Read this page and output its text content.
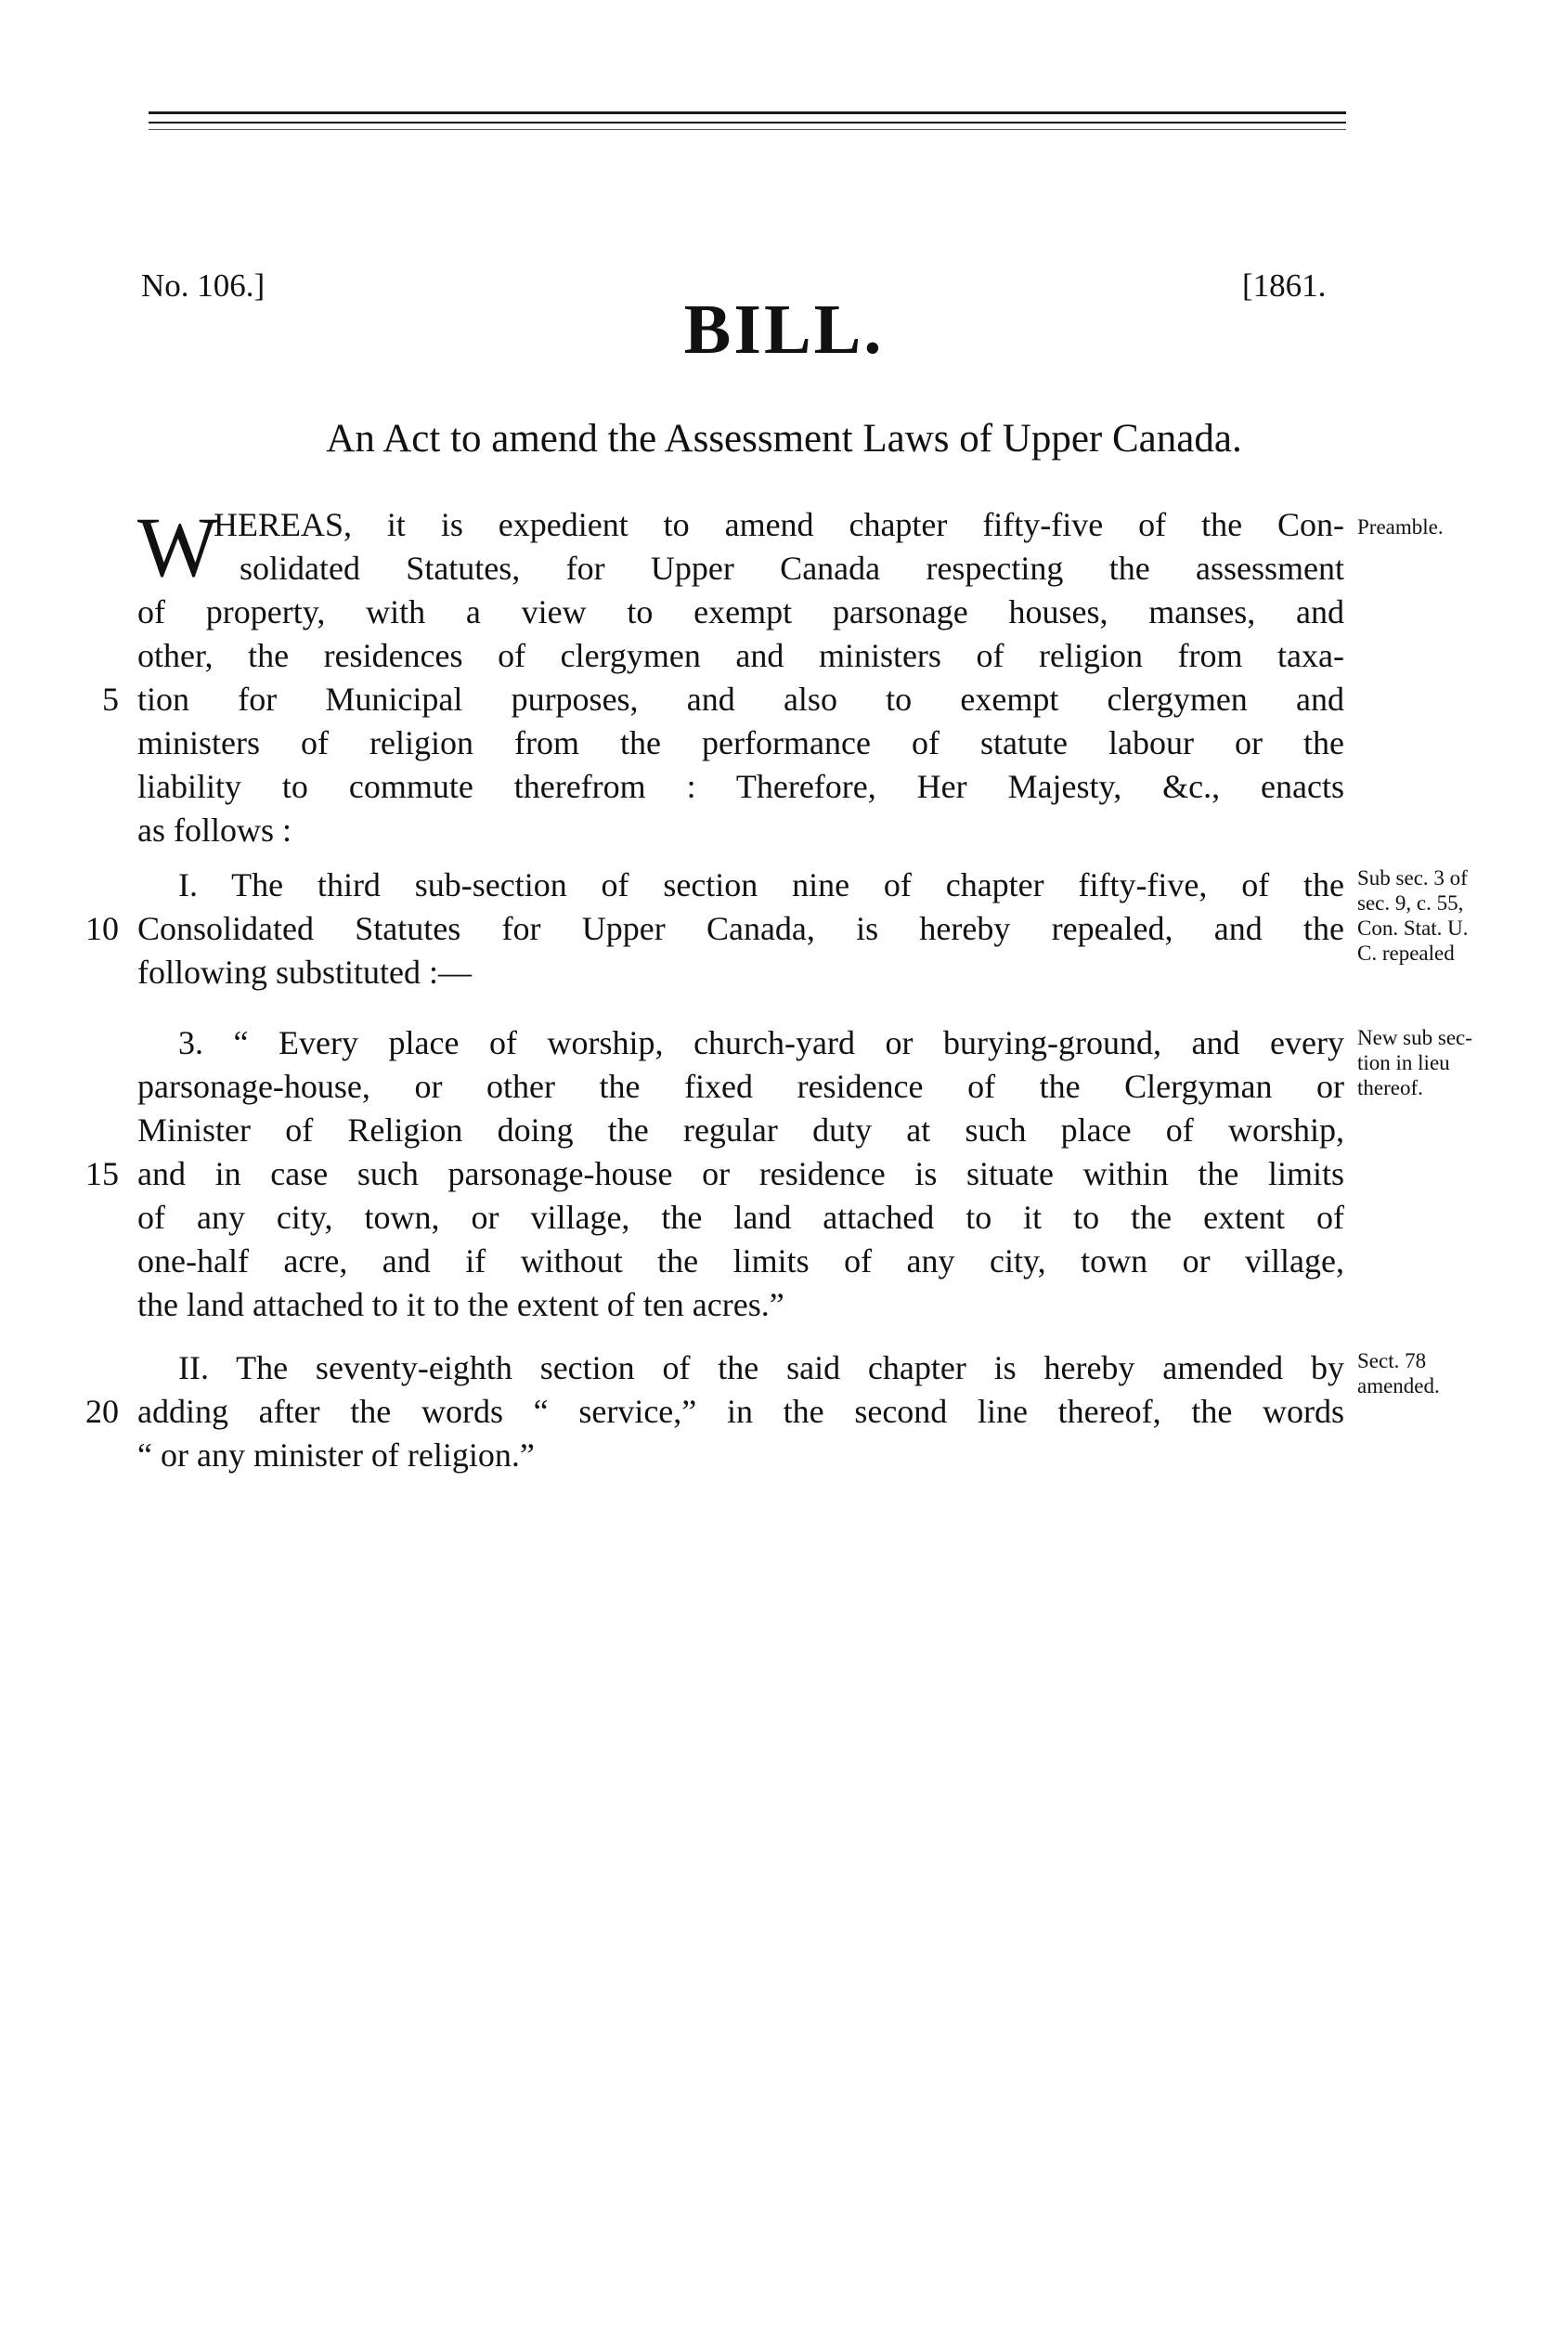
No. 106.]	[1861.
BILL.
An Act to amend the Assessment Laws of Upper Canada.
W
HEREAS, it is expedient to amend chapter fifty-five of the Con-
solidated Statutes, for Upper Canada respecting the assessment
of property, with a view to exempt parsonage houses, manses, and
other, the residences of clergymen and ministers of religion from taxa-
tion for Municipal purposes, and also to exempt clergymen and
ministers of religion from the performance of statute labour or the
liability to commute therefrom : Therefore, Her Majesty, &c., enacts
as follows :
Preamble.
I. The third sub-section of section nine of chapter fifty-five, of the
Consolidated Statutes for Upper Canada, is hereby repealed, and the
following substituted :—
Sub sec. 3 of
sec. 9, c. 55,
Con. Stat. U.
C. repealed
3. “ Every place of worship, church-yard or burying-ground, and every
parsonage-house, or other the fixed residence of the Clergyman or
Minister of Religion doing the regular duty at such place of worship,
and in case such parsonage-house or residence is situate within the limits
of any city, town, or village, the land attached to it to the extent of
one-half acre, and if without the limits of any city, town or village,
the land attached to it to the extent of ten acres.”
New sub sec-
tion in lieu
thereof.
II. The seventy-eighth section of the said chapter is hereby amended by
adding after the words “ service,” in the second line thereof, the words
“ or any minister of religion.”
Sect. 78
amended.
5
10
15
20
